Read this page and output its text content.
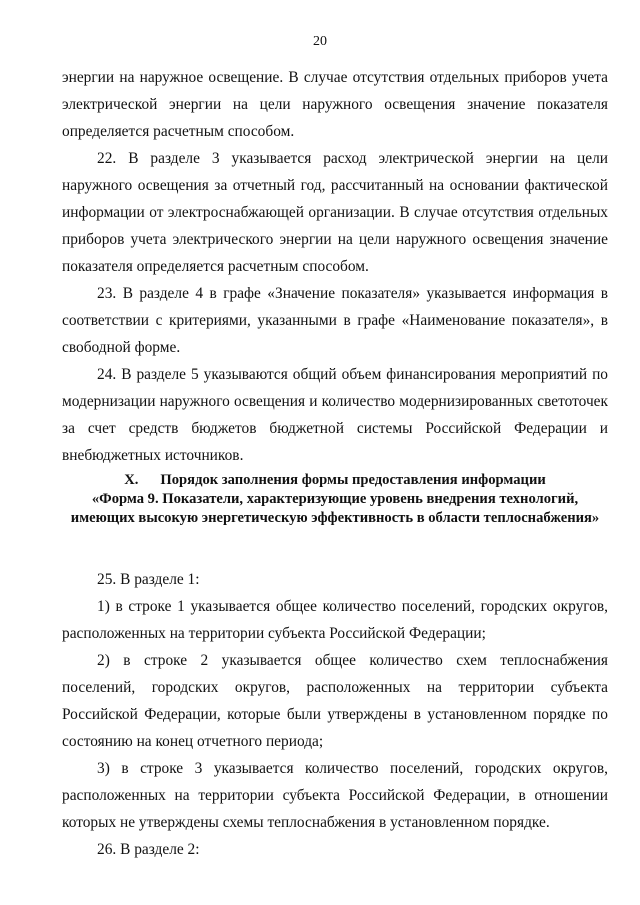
20

энергии на наружное освещение. В случае отсутствия отдельных приборов учета электрической энергии на цели наружного освещения значение показателя определяется расчетным способом.

22. В разделе 3 указывается расход электрической энергии на цели наружного освещения за отчетный год, рассчитанный на основании фактической информации от электроснабжающей организации. В случае отсутствия отдельных приборов учета электрического энергии на цели наружного освещения значение показателя определяется расчетным способом.

23. В разделе 4 в графе «Значение показателя» указывается информация в соответствии с критериями, указанными в графе «Наименование показателя», в свободной форме.

24. В разделе 5 указываются общий объем финансирования мероприятий по модернизации наружного освещения и количество модернизированных светоточек за счет средств бюджетов бюджетной системы Российской Федерации и внебюджетных источников.

X. Порядок заполнения формы предоставления информации
«Форма 9. Показатели, характеризующие уровень внедрения технологий, имеющих высокую энергетическую эффективность в области теплоснабжения»

25. В разделе 1:

1) в строке 1 указывается общее количество поселений, городских округов, расположенных на территории субъекта Российской Федерации;

2) в строке 2 указывается общее количество схем теплоснабжения поселений, городских округов, расположенных на территории субъекта Российской Федерации, которые были утверждены в установленном порядке по состоянию на конец отчетного периода;

3) в строке 3 указывается количество поселений, городских округов, расположенных на территории субъекта Российской Федерации, в отношении которых не утверждены схемы теплоснабжения в установленном порядке.

26. В разделе 2:
